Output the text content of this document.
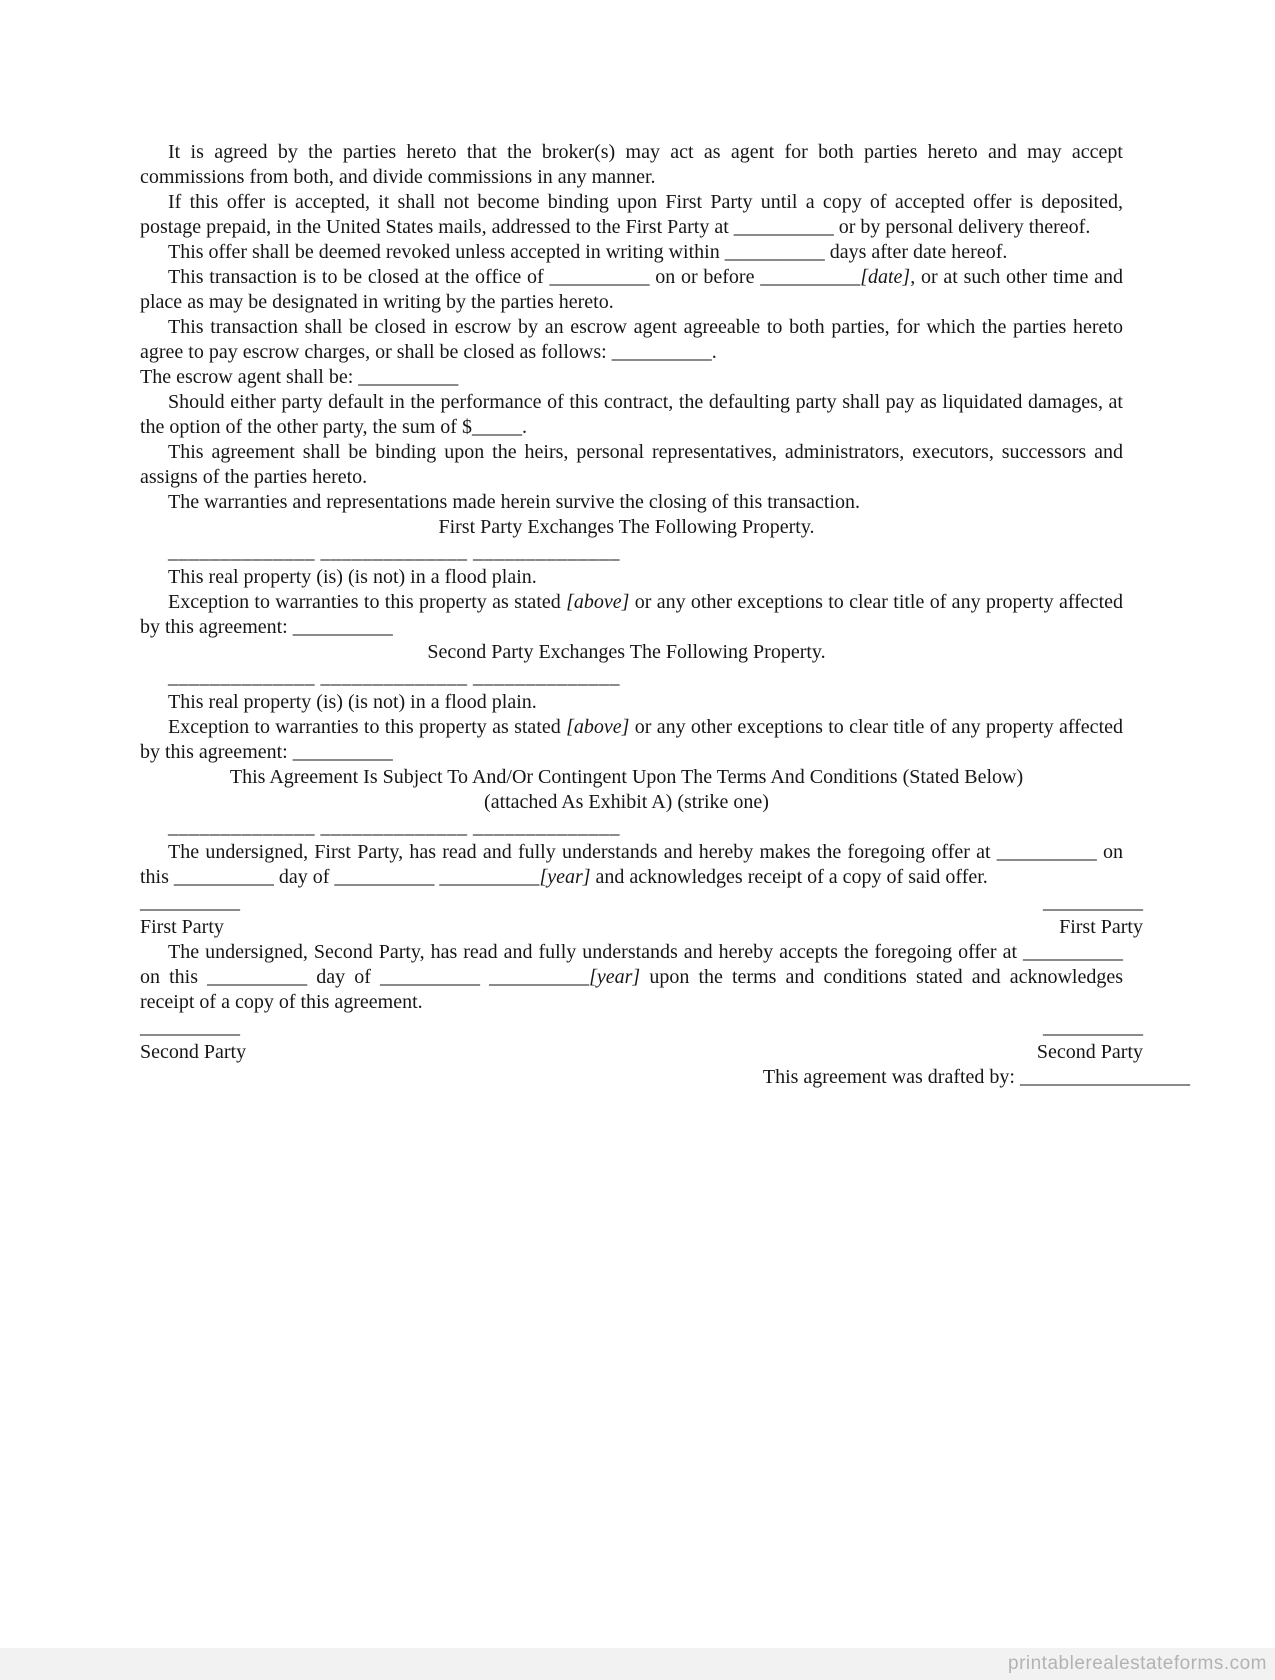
It is agreed by the parties hereto that the broker(s) may act as agent for both parties hereto and may accept commissions from both, and divide commissions in any manner.

If this offer is accepted, it shall not become binding upon First Party until a copy of accepted offer is deposited, postage prepaid, in the United States mails, addressed to the First Party at __________ or by personal delivery thereof.

This offer shall be deemed revoked unless accepted in writing within __________ days after date hereof.

This transaction is to be closed at the office of __________ on or before __________[date], or at such other time and place as may be designated in writing by the parties hereto.

This transaction shall be closed in escrow by an escrow agent agreeable to both parties, for which the parties hereto agree to pay escrow charges, or shall be closed as follows: __________.

The escrow agent shall be: __________

Should either party default in the performance of this contract, the defaulting party shall pay as liquidated damages, at the option of the other party, the sum of $_____.

This agreement shall be binding upon the heirs, personal representatives, administrators, executors, successors and assigns of the parties hereto.

The warranties and representations made herein survive the closing of this transaction.

First Party Exchanges The Following Property.

______________ ______________ ______________

This real property (is) (is not) in a flood plain.

Exception to warranties to this property as stated [above] or any other exceptions to clear title of any property affected by this agreement: __________

Second Party Exchanges The Following Property.

______________ ______________ ______________

This real property (is) (is not) in a flood plain.

Exception to warranties to this property as stated [above] or any other exceptions to clear title of any property affected by this agreement: __________

This Agreement Is Subject To And/Or Contingent Upon The Terms And Conditions (Stated Below)

(attached As Exhibit A) (strike one)

______________ ______________ ______________

The undersigned, First Party, has read and fully understands and hereby makes the foregoing offer at __________ on this __________ day of __________ __________[year] and acknowledges receipt of a copy of said offer.

__________	__________

First Party	First Party

The undersigned, Second Party, has read and fully understands and hereby accepts the foregoing offer at __________ on this __________ day of __________ __________[year] upon the terms and conditions stated and acknowledges receipt of a copy of this agreement.

__________	__________

Second Party	Second Party

This agreement was drafted by: _________________

printablerealestateforms.com
